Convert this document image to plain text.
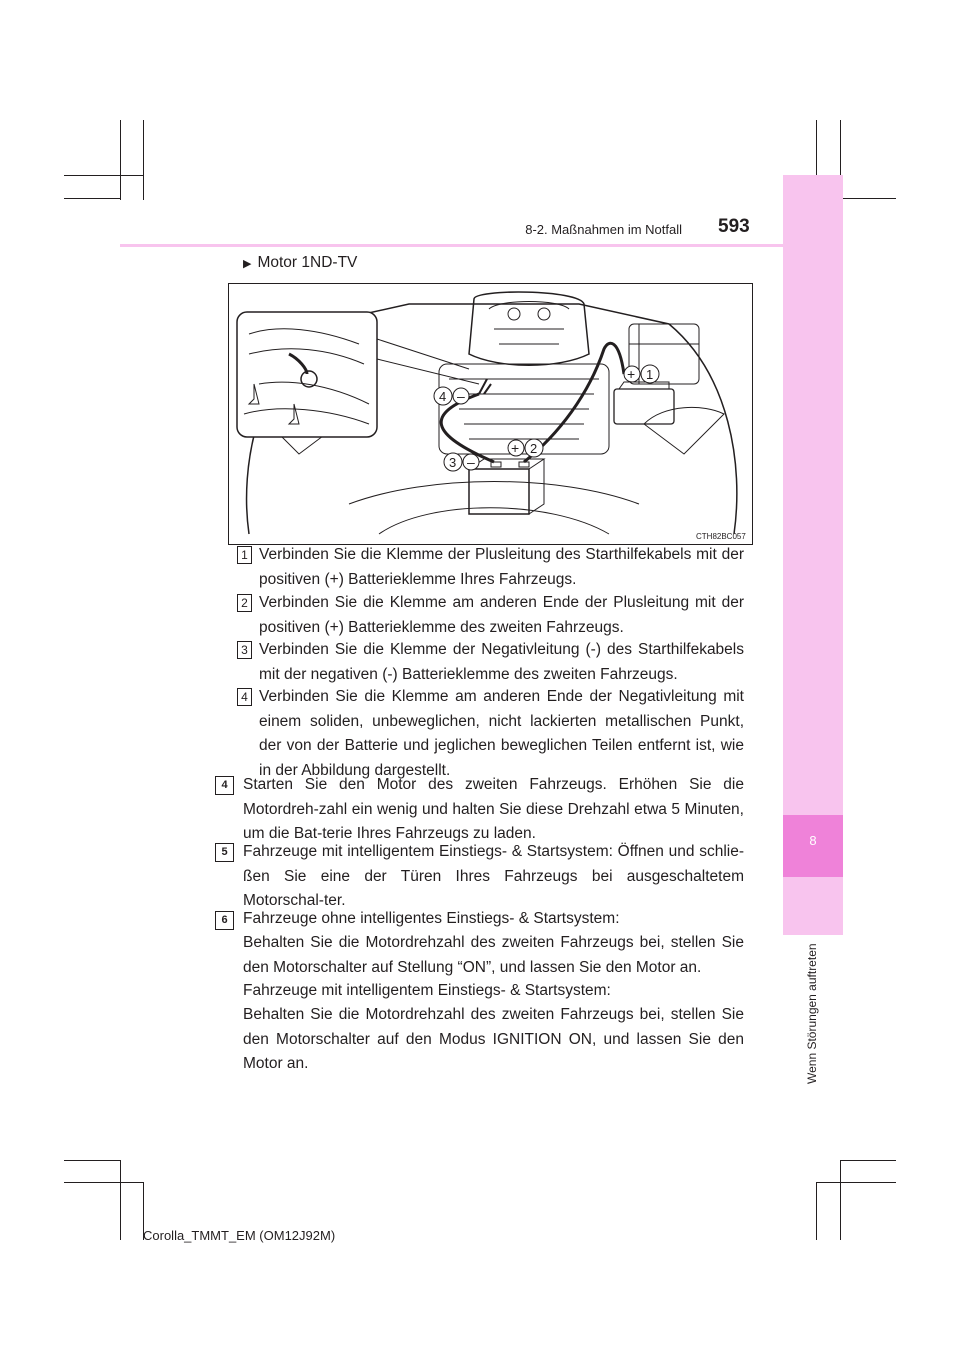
8
Wenn Störungen auftreten
8-2. Maßnahmen im Notfall 593
▶ Motor 1ND-TV
+ 1
+ 2
3 –
4 –
CTH82BC057
1 Verbinden Sie die Klemme der Plusleitung des Starthilfekabels mit der positiven (+) Batterieklemme Ihres Fahrzeugs.
2 Verbinden Sie die Klemme am anderen Ende der Plusleitung mit der positiven (+) Batterieklemme des zweiten Fahrzeugs.
3 Verbinden Sie die Klemme der Negativleitung (-) des Starthilfekabels mit der negativen (-) Batterieklemme des zweiten Fahrzeugs.
4 Verbinden Sie die Klemme am anderen Ende der Negativleitung mit einem soliden, unbeweglichen, nicht lackierten metallischen Punkt, der von der Batterie und jeglichen beweglichen Teilen entfernt ist, wie in der Abbildung dargestellt.
4 Starten Sie den Motor des zweiten Fahrzeugs. Erhöhen Sie die Motordreh-zahl ein wenig und halten Sie diese Drehzahl etwa 5 Minuten, um die Bat-terie Ihres Fahrzeugs zu laden.
5 Fahrzeuge mit intelligentem Einstiegs- & Startsystem: Öffnen und schlie-ßen Sie eine der Türen Ihres Fahrzeugs bei ausgeschaltetem Motorschal-ter.
6 Fahrzeuge ohne intelligentes Einstiegs- & Startsystem:
Behalten Sie die Motordrehzahl des zweiten Fahrzeugs bei, stellen Sie den Motorschalter auf Stellung “ON”, und lassen Sie den Motor an.
Fahrzeuge mit intelligentem Einstiegs- & Startsystem:
Behalten Sie die Motordrehzahl des zweiten Fahrzeugs bei, stellen Sie den Motorschalter auf den Modus IGNITION ON, und lassen Sie den Motor an.
Corolla_TMMT_EM (OM12J92M)
